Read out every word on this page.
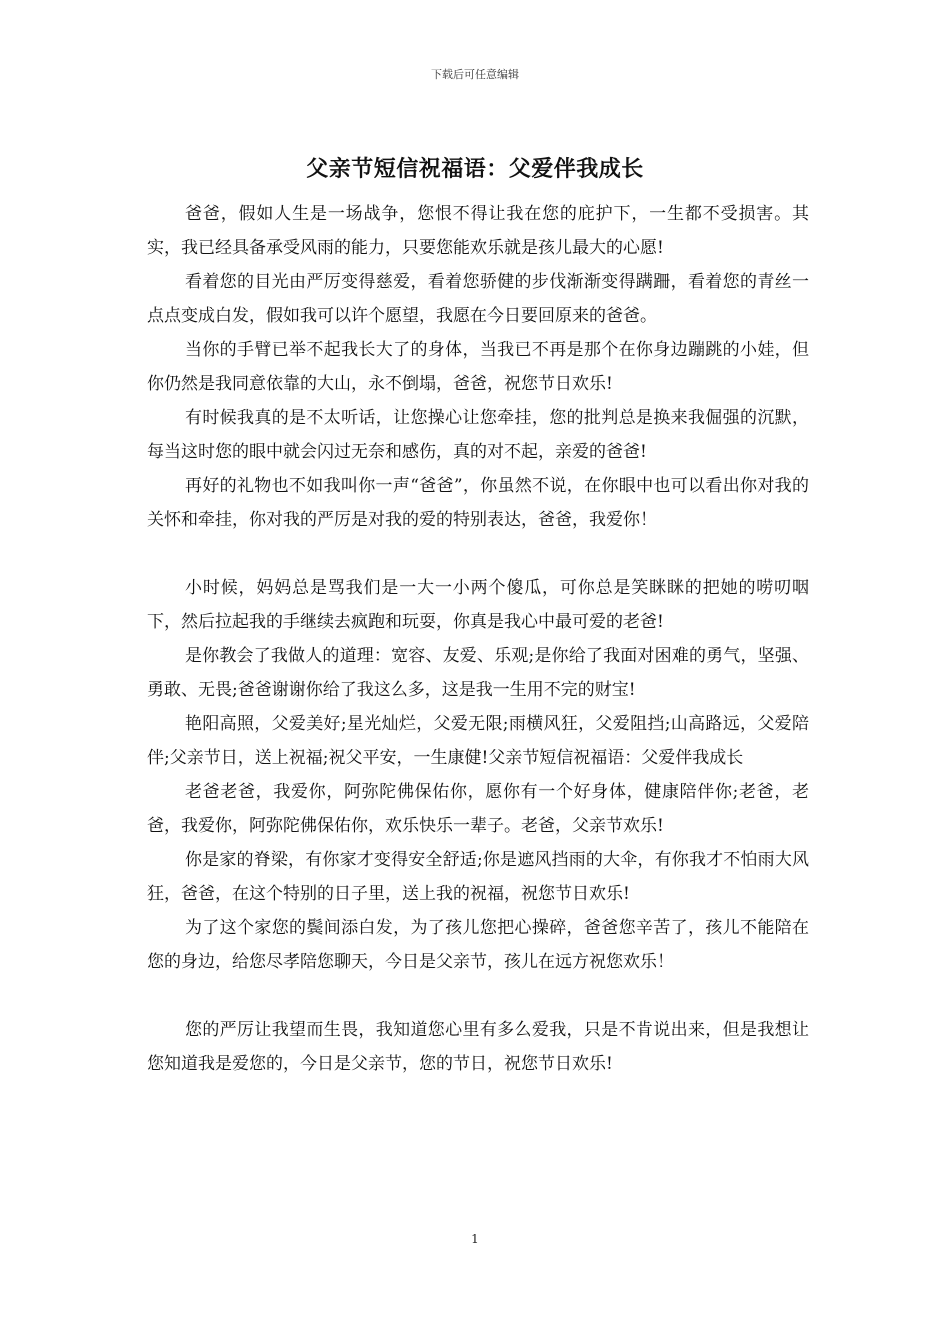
下载后可任意编辑
父亲节短信祝福语：父爱伴我成长

爸爸，假如人生是一场战争，您恨不得让我在您的庇护下，一生都不受损害。其实，我已经具备承受风雨的能力，只要您能欢乐就是孩儿最大的心愿!

看着您的目光由严厉变得慈爱，看着您骄健的步伐渐渐变得蹒跚，看着您的青丝一点点变成白发，假如我可以许个愿望，我愿在今日要回原来的爸爸。

当你的手臂已举不起我长大了的身体，当我已不再是那个在你身边蹦跳的小娃，但你仍然是我同意依靠的大山，永不倒塌，爸爸，祝您节日欢乐!

有时候我真的是不太听话，让您操心让您牵挂，您的批判总是换来我倔强的沉默，每当这时您的眼中就会闪过无奈和感伤，真的对不起，亲爱的爸爸!

再好的礼物也不如我叫你一声“爸爸”，你虽然不说，在你眼中也可以看出你对我的关怀和牵挂，你对我的严厉是对我的爱的特别表达，爸爸，我爱你！

小时候，妈妈总是骂我们是一大一小两个傻瓜，可你总是笑眯眯的把她的唠叨咽下，然后拉起我的手继续去疯跑和玩耍，你真是我心中最可爱的老爸!

是你教会了我做人的道理：宽容、友爱、乐观;是你给了我面对困难的勇气，坚强、勇敢、无畏;爸爸谢谢你给了我这么多，这是我一生用不完的财宝!

艳阳高照，父爱美好;星光灿烂，父爱无限;雨横风狂，父爱阻挡;山高路远，父爱陪伴;父亲节日，送上祝福;祝父平安，一生康健!父亲节短信祝福语：父爱伴我成长

老爸老爸，我爱你，阿弥陀佛保佑你，愿你有一个好身体，健康陪伴你;老爸，老爸，我爱你，阿弥陀佛保佑你，欢乐快乐一辈子。老爸，父亲节欢乐!

你是家的脊梁，有你家才变得安全舒适;你是遮风挡雨的大伞，有你我才不怕雨大风狂，爸爸，在这个特别的日子里，送上我的祝福，祝您节日欢乐!

为了这个家您的鬓间添白发，为了孩儿您把心操碎，爸爸您辛苦了，孩儿不能陪在您的身边，给您尽孝陪您聊天，今日是父亲节，孩儿在远方祝您欢乐！

您的严厉让我望而生畏，我知道您心里有多么爱我，只是不肯说出来，但是我想让您知道我是爱您的，今日是父亲节，您的节日，祝您节日欢乐!

1
